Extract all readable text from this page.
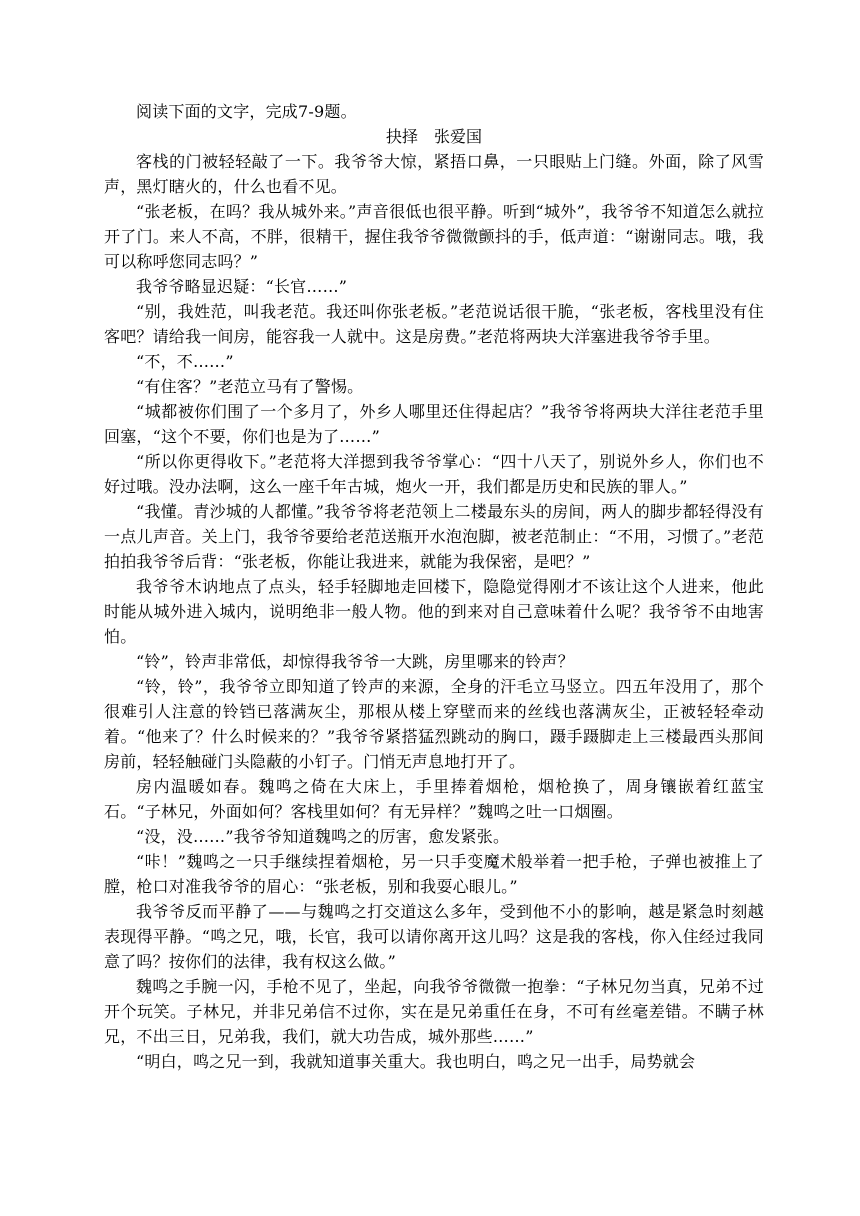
阅读下面的文字，完成7-9题。

抉择　张爱国

客栈的门被轻轻敲了一下。我爷爷大惊，紧捂口鼻，一只眼贴上门缝。外面，除了风雪声，黑灯瞎火的，什么也看不见。

“张老板，在吗？我从城外来。”声音很低也很平静。听到“城外”，我爷爷不知道怎么就拉开了门。来人不高，不胖，很精干，握住我爷爷微微颤抖的手，低声道：“谢谢同志。哦，我可以称呼您同志吗？”

我爷爷略显迟疑：“长官……”

“别，我姓范，叫我老范。我还叫你张老板。”老范说话很干脆，“张老板，客栈里没有住客吧？请给我一间房，能容我一人就中。这是房费。”老范将两块大洋塞进我爷爷手里。

“不，不……”

“有住客？”老范立马有了警惕。

“城都被你们围了一个多月了，外乡人哪里还住得起店？”我爷爷将两块大洋往老范手里回塞，“这个不要，你们也是为了……”

“所以你更得收下。”老范将大洋摁到我爷爷掌心：“四十八天了，别说外乡人，你们也不好过哦。没办法啊，这么一座千年古城，炮火一开，我们都是历史和民族的罪人。”

“我懂。青沙城的人都懂。”我爷爷将老范领上二楼最东头的房间，两人的脚步都轻得没有一点儿声音。关上门，我爷爷要给老范送瓶开水泡泡脚，被老范制止：“不用，习惯了。”老范拍拍我爷爷后背：“张老板，你能让我进来，就能为我保密，是吧？”

我爷爷木讷地点了点头，轻手轻脚地走回楼下，隐隐觉得刚才不该让这个人进来，他此时能从城外进入城内，说明绝非一般人物。他的到来对自己意味着什么呢？我爷爷不由地害怕。

“铃”，铃声非常低，却惊得我爷爷一大跳，房里哪来的铃声？

“铃，铃”，我爷爷立即知道了铃声的来源，全身的汗毛立马竖立。四五年没用了，那个很难引人注意的铃铛已落满灰尘，那根从楼上穿壁而来的丝线也落满灰尘，正被轻轻牵动着。“他来了？什么时候来的？”我爷爷紧搭猛烈跳动的胸口，蹑手蹑脚走上三楼最西头那间房前，轻轻触碰门头隐蔽的小钉子。门悄无声息地打开了。

房内温暖如春。魏鸣之倚在大床上，手里捧着烟枪，烟枪换了，周身镶嵌着红蓝宝石。“子林兄，外面如何？客栈里如何？有无异样？”魏鸣之吐一口烟圈。

“没，没……”我爷爷知道魏鸣之的厉害，愈发紧张。

“咔！”魏鸣之一只手继续捏着烟枪，另一只手变魔术般举着一把手枪，子弹也被推上了膛，枪口对准我爷爷的眉心：“张老板，别和我耍心眼儿。”

我爷爷反而平静了——与魏鸣之打交道这么多年，受到他不小的影响，越是紧急时刻越表现得平静。“鸣之兄，哦，长官，我可以请你离开这儿吗？这是我的客栈，你入住经过我同意了吗？按你们的法律，我有权这么做。”

魏鸣之手腕一闪，手枪不见了，坐起，向我爷爷微微一抱拳：“子林兄勿当真，兄弟不过开个玩笑。子林兄，并非兄弟信不过你，实在是兄弟重任在身，不可有丝毫差错。不瞒子林兄，不出三日，兄弟我，我们，就大功告成，城外那些……”

“明白，鸣之兄一到，我就知道事关重大。我也明白，鸣之兄一出手，局势就会
